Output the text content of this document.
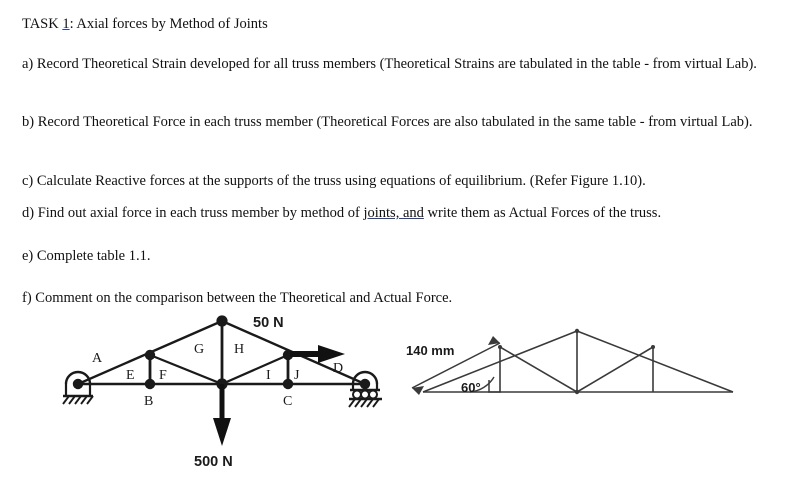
TASK 1: Axial forces by Method of Joints
a) Record Theoretical Strain developed for all truss members (Theoretical Strains are tabulated in the table - from virtual Lab).
b) Record Theoretical Force in each truss member (Theoretical Forces are also tabulated in the same table - from virtual Lab).
c) Calculate Reactive forces at the supports of the truss using equations of equilibrium. (Refer Figure 1.10).
d) Find out axial force in each truss member by method of joints, and write them as Actual Forces of the truss.
e) Complete table 1.1.
f) Comment on the comparison between the Theoretical and Actual Force.
A
B	C
D
E F
G H
I J
50 N
500 N
140 mm
60°
